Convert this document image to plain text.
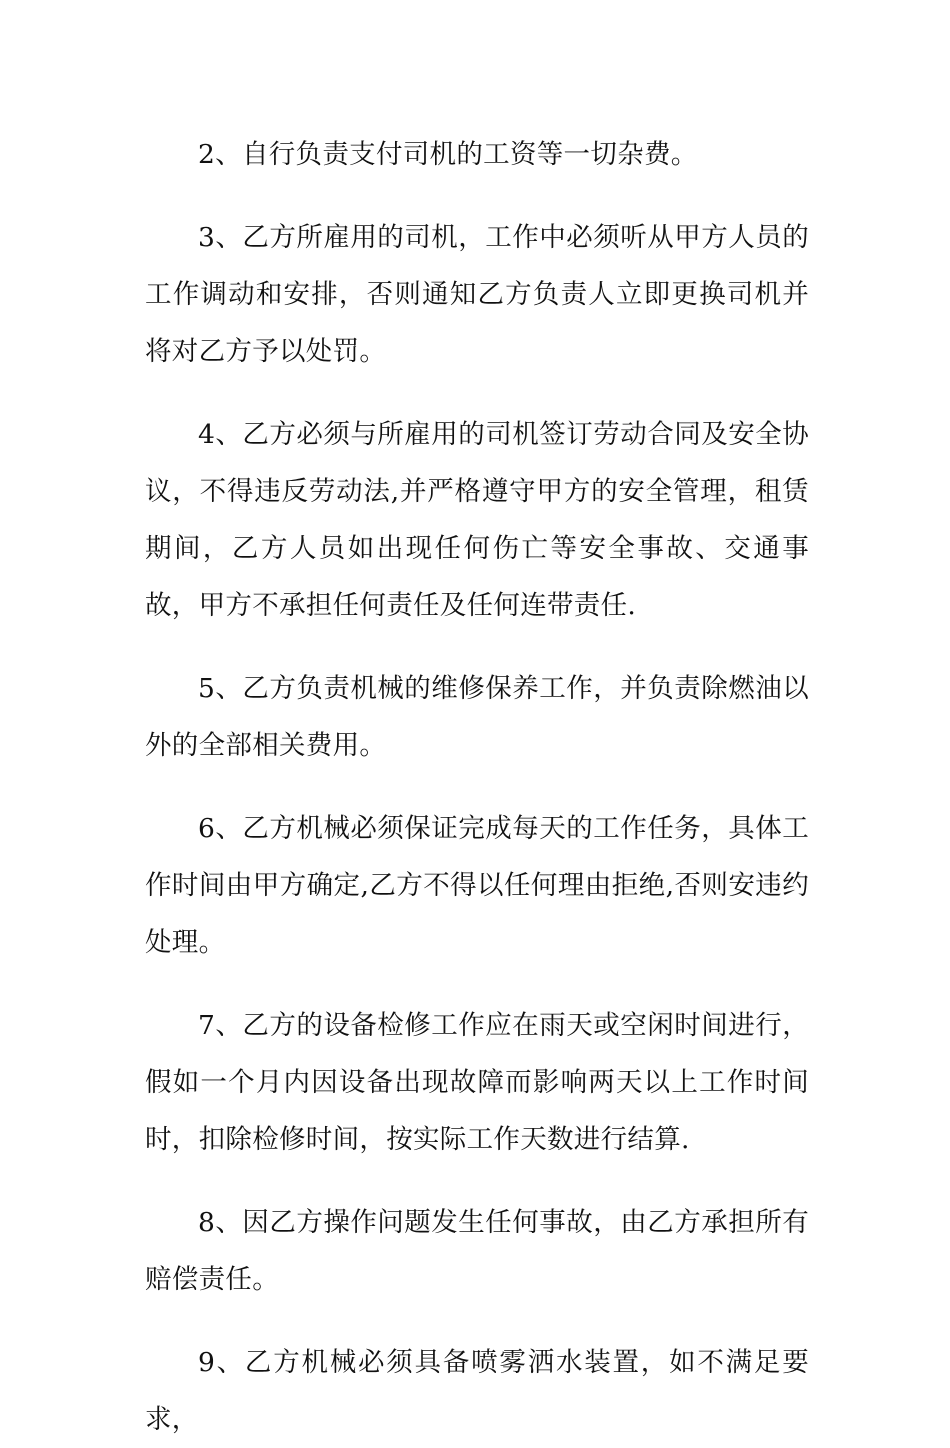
2、自行负责支付司机的工资等一切杂费。

3、乙方所雇用的司机，工作中必须听从甲方人员的工作调动和安排，否则通知乙方负责人立即更换司机并将对乙方予以处罚。

4、乙方必须与所雇用的司机签订劳动合同及安全协议，不得违反劳动法,并严格遵守甲方的安全管理，租赁期间，乙方人员如出现任何伤亡等安全事故、交通事故，甲方不承担任何责任及任何连带责任.

5、乙方负责机械的维修保养工作，并负责除燃油以外的全部相关费用。

6、乙方机械必须保证完成每天的工作任务，具体工作时间由甲方确定,乙方不得以任何理由拒绝,否则安违约处理。

7、乙方的设备检修工作应在雨天或空闲时间进行，假如一个月内因设备出现故障而影响两天以上工作时间时，扣除检修时间，按实际工作天数进行结算.

8、因乙方操作问题发生任何事故，由乙方承担所有赔偿责任。

9、乙方机械必须具备喷雾洒水装置，如不满足要求，
